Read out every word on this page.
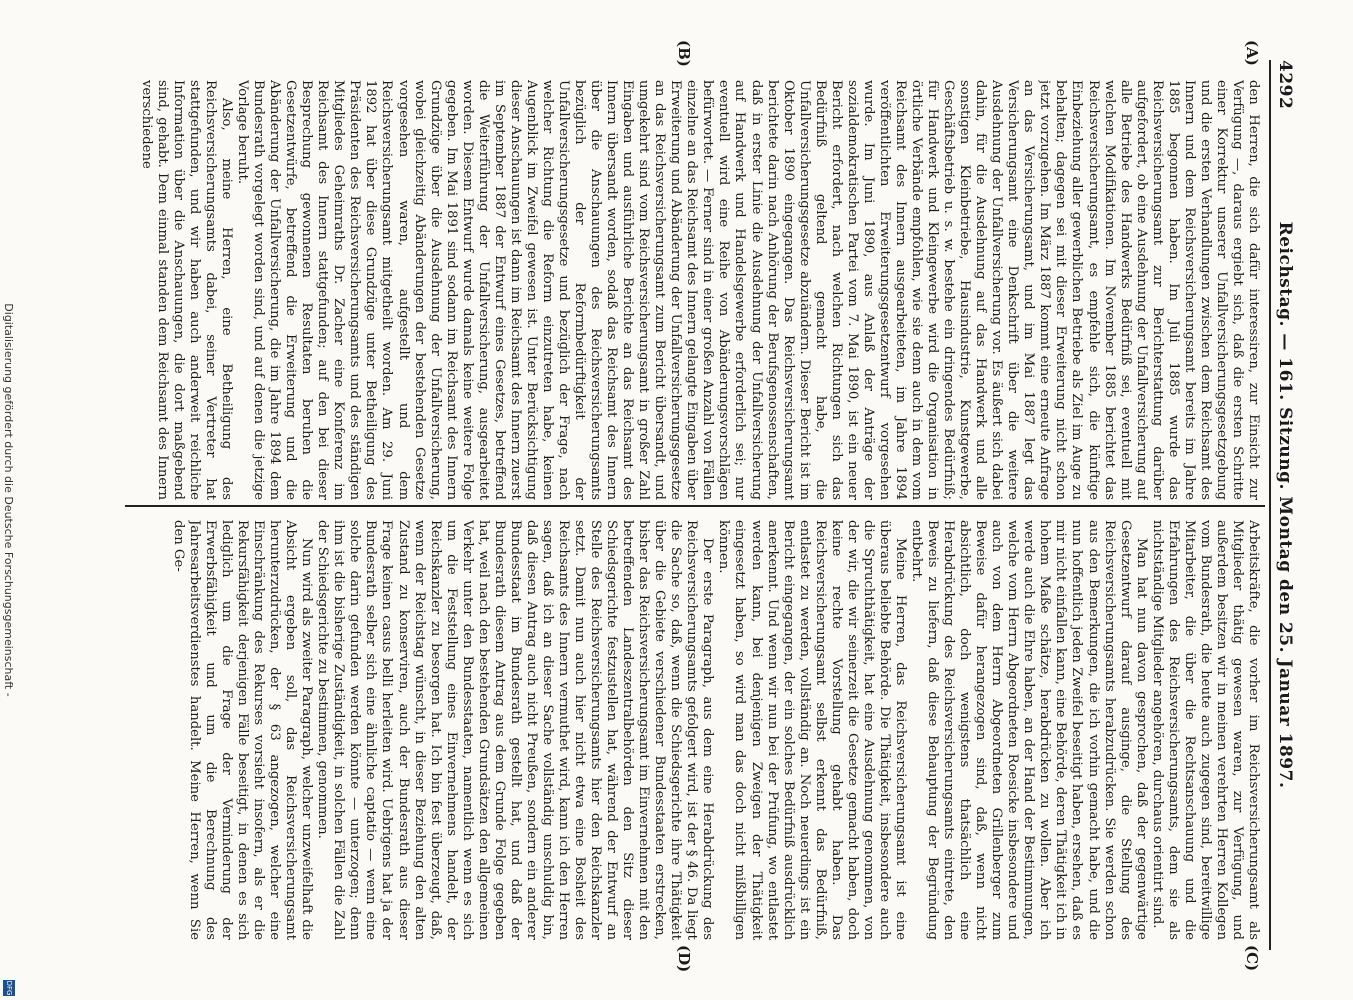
4292
Reichstag. — 161. Sitzung. Montag den 25. Januar 1897.
(A)
(B)
(C)
(D)

den Herren, die sich dafür interessiren, zur Einsicht zur Verfügung —, daraus ergiebt sich, daß die ersten Schritte einer Korrektur unserer Unfallversicherungsgesetzgebung und die ersten Verhandlungen zwischen dem Reichsamt des Innern und dem Reichsversicherungsamt bereits im Jahre 1885 begonnen haben. Im Juli 1885 wurde das Reichsversicherungsamt zur Berichterstattung darüber aufgefordert, ob eine Ausdehnung der Unfallversicherung auf alle Betriebe des Handwerks Bedürfniß sei, eventuell mit welchen Modifikationen. Im November 1885 berichtet das Reichsversicherungsamt, es empfehle sich, die künftige Einbeziehung aller gewerblichen Betriebe als Ziel im Auge zu behalten; dagegen sei mit dieser Erweiterung nicht schon jetzt vorzugehen. Im März 1887 kommt eine erneute Anfrage an das Versicherungsamt, und im Mai 1887 legt das Versicherungsamt eine Denkschrift über die weitere Ausdehnung der Unfallversicherung vor. Es äußert sich dabei dahin, für die Ausdehnung auf das Handwerk und alle sonstigen Kleinbetriebe, Hausindustrie, Kunstgewerbe, Geschäftsbetrieb u. s. w. bestehe ein dringendes Bedürfniß; für Handwerk und Kleingewerbe wird die Organisation in örtliche Verbände empfohlen, wie sie denn auch in dem vom Reichsamt des Innern ausgearbeiteten, im Jahre 1894 veröffentlichten Erweiterungsgesetzentwurf vorgesehen wurde. Im Juni 1890, aus Anlaß der Anträge der sozialdemokratischen Partei vom 7. Mai 1890, ist ein neuer Bericht erfordert, nach welchen Richtungen sich das Bedürfniß geltend gemacht habe, die Unfallversicherungsgesetze abzuändern. Dieser Bericht ist im Oktober 1890 eingegangen. Das Reichsversicherungsamt berichtete darin nach Anhörung der Berufsgenossenschaften, daß in erster Linie die Ausdehnung der Unfallversicherung auf Handwerk und Handelsgewerbe erforderlich sei; nur eventuell wird eine Reihe von Abänderungsvorschlägen befürwortet. — Ferner sind in einer großen Anzahl von Fällen einzelne an das Reichsamt des Innern gelangte Eingaben über Erweiterung und Abänderung der Unfallversicherungsgesetze an das Reichsversicherungsamt zum Bericht übersandt, und umgekehrt sind vom Reichsversicherungsamt in großer Zahl Eingaben und ausführliche Berichte an das Reichsamt des Innern übersandt worden, sodaß das Reichsamt des Innern über die Anschauungen des Reichsversicherungsamts bezüglich der Reformbedürftigkeit der Unfallversicherungsgesetze und bezüglich der Frage, nach welcher Richtung die Reform einzutreten habe, keinen Augenblick im Zweifel gewesen ist. Unter Berücksichtigung dieser Anschauungen ist dann im Reichsamt des Innern zuerst im September 1887 der Entwurf eines Gesetzes, betreffend die Weiterführung der Unfallversicherung, ausgearbeitet worden. Diesem Entwurf wurde damals keine weitere Folge gegeben. Im Mai 1891 sind sodann im Reichsamt des Innern Grundzüge über die Ausdehnung der Unfallversicherung, wobei gleichzeitig Abänderungen der bestehenden Gesetze vorgesehen waren, aufgestellt und dem Reichsversicherungsamt mitgetheilt worden. Am 29. Juni 1892 hat über diese Grundzüge unter Betheiligung des Präsidenten des Reichsversicherungsamts und des ständigen Mitgliedes Geheimraths Dr. Zacher eine Konferenz im Reichsamt des Innern stattgefunden; auf den bei dieser Besprechung gewonnenen Resultaten beruhen die Gesetzentwürfe, betreffend die Erweiterung und die Abänderung der Unfallversicherung, die im Jahre 1894 dem Bundesrath vorgelegt worden sind, und auf denen die jetzige Vorlage beruht.

Also, meine Herren, eine Betheiligung des Reichsversicherungsamts dabei, seiner Vertreter hat stattgefunden, und wir haben auch anderweit reichliche Information über die Anschauungen, die dort maßgebend sind, gehabt. Dem einmal standen dem Reichsamt des Innern verschiedene

Arbeitskräfte, die vorher im Reichsversicherungsamt als Mitglieder thätig gewesen waren, zur Verfügung, und außerdem besitzen wir in meinen verehrten Herren Kollegen vom Bundesrath, die heute auch zugegen sind, bereitwillige Mitarbeiter, die über die Rechtsanschauung und die Erfahrungen des Reichsversicherungsamts, dem sie als nichtständige Mitglieder angehören, durchaus orientirt sind.

Man hat nun davon gesprochen, daß der gegenwärtige Gesetzentwurf darauf ausginge, die Stellung des Reichsversicherungsamts herabzudrücken. Sie werden schon aus den Bemerkungen, die ich vorhin gemacht habe, und die nun hoffentlich jeden Zweifel beseitigt haben, ersehen, daß es mir nicht einfallen kann, eine Behörde, deren Thätigkeit ich in hohem Maße schätze, herabdrücken zu wollen. Aber ich werde auch die Ehre haben, an der Hand der Bestimmungen, welche vom Herrn Abgeordneten Roesicke insbesondere und auch von dem Herrn Abgeordneten Grillenberger zum Beweise dafür herangezogen sind, daß, wenn nicht absichtlich, doch wenigstens thatsächlich eine Herabdrückung des Reichsversicherungsamts eintrete, den Beweis zu liefern, daß diese Behauptung der Begründung entbehrt.

Meine Herren, das Reichsversicherungsamt ist eine überaus beliebte Behörde. Die Thätigkeit, insbesondere auch die Spruchthätigkeit, hat eine Ausdehnung genommen, von der wir, die wir seinerzeit die Gesetze gemacht haben, doch keine rechte Vorstellung gehabt haben. Das Reichsversicherungsamt selbst erkennt das Bedürfniß, entlastet zu werden, vollständig an. Noch neuerdings ist ein Bericht eingegangen, der ein solches Bedürfniß ausdrücklich anerkennt. Und wenn wir nun bei der Prüfung, wo entlastet werden kann, bei denjenigen Zweigen der Thätigkeit eingesetzt haben, so wird man das doch nicht mißbilligen können.

Der erste Paragraph, aus dem eine Herabdrückung des Reichsversicherungsamts gefolgert wird, ist der § 46. Da liegt die Sache so, daß, wenn die Schiedsgerichte ihre Thätigkeit über die Gebiete verschiedener Bundesstaaten erstrecken, bisher das Reichsversicherungsamt im Einvernehmen mit den betreffenden Landeszentralbehörden den Sitz dieser Schiedsgerichte festzustellen hat, während der Entwurf an Stelle des Reichsversicherungsamts hier den Reichskanzler setzt. Damit nun auch hier nicht etwa eine Bosheit des Reichsamts des Innern vermuthet wird, kann ich den Herren sagen, daß ich an dieser Sache vollständig unschuldig bin, daß diesen Antrag auch nicht Preußen, sondern ein anderer Bundesstaat im Bundesrath gestellt hat, und daß der Bundesrath diesem Antrag aus dem Grunde Folge gegeben hat, weil nach den bestehenden Grundsätzen den allgemeinen Verkehr unter den Bundesstaaten, namentlich wenn es sich um die Feststellung eines Einvernehmens handelt, der Reichskanzler zu besorgen hat. Ich bin fest überzeugt, daß, wenn der Reichstag wünscht, in dieser Beziehung den alten Zustand zu konserviren, auch der Bundesrath aus dieser Frage keinen casus belli herleiten wird. Uebrigens hat ja der Bundesrath selber sich eine ähnliche captatio — wenn eine solche darin gefunden werden könnte — unterzogen; denn ihm ist die bisherige Zuständigkeit, in solchen Fällen die Zahl der Schiedsgerichte zu bestimmen, genommen.

Nun wird als zweiter Paragraph, welcher unzweifelhaft die Absicht ergeben soll, das Reichsversicherungsamt herunterzudrücken, der § 63 angezogen, welcher eine Einschränkung des Rekurses vorsieht insofern, als er die Rekursfähigkeit derjenigen Fälle beseitigt, in denen es sich lediglich um die Frage der Verminderung der Erwerbsfähigkeit und um die Berechnung des Jahresarbeitsverdienstes handelt. Meine Herren, wenn Sie den Ge-

Digitalisierung gefördert durch die Deutsche Forschungsgemeinschaft -
DFG
